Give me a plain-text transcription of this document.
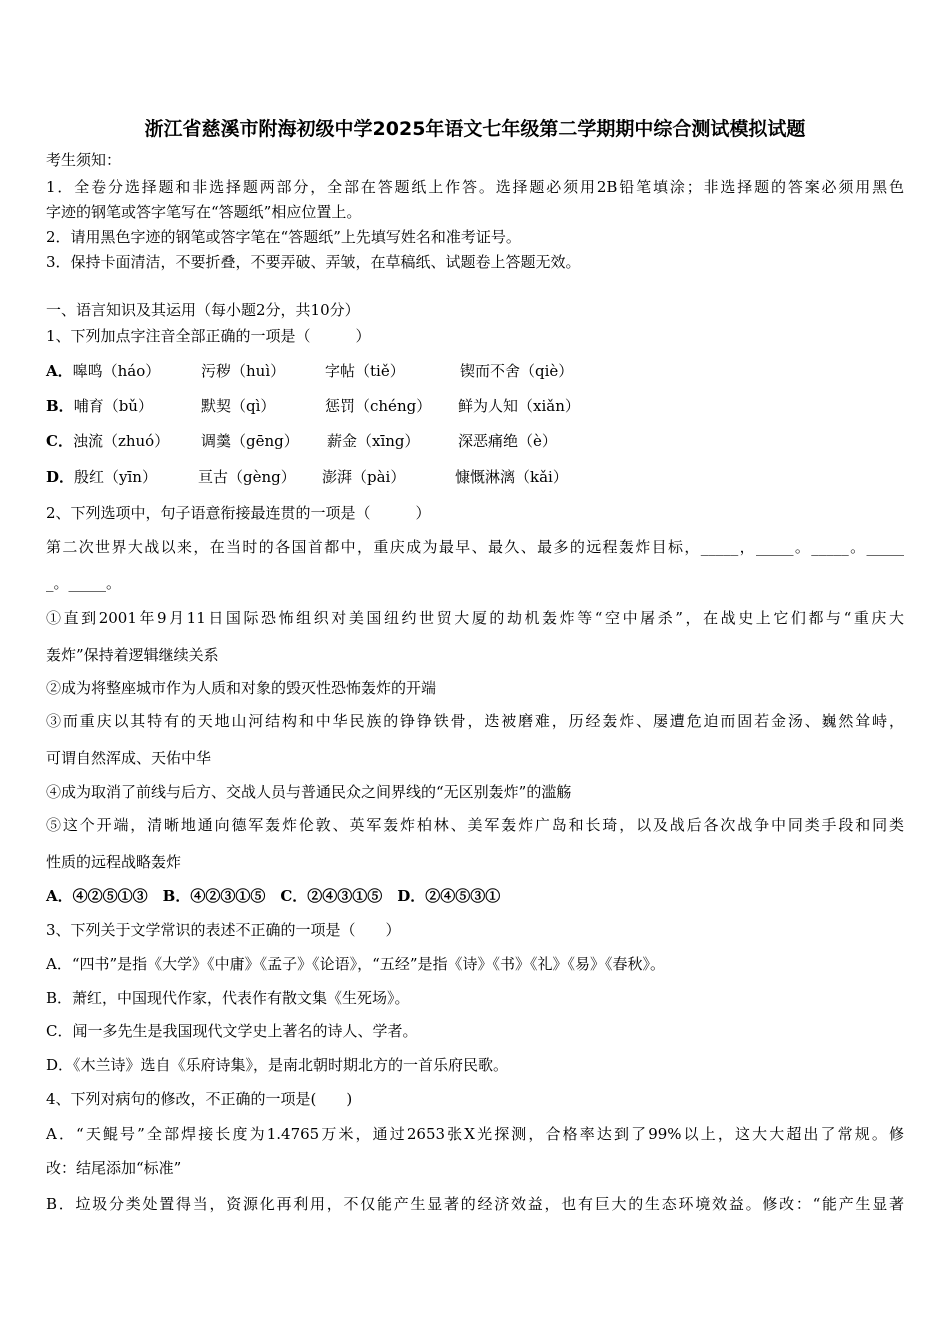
浙江省慈溪市附海初级中学2025年语文七年级第二学期期中综合测试模拟试题
考生须知：
1．全卷分选择题和非选择题两部分，全部在答题纸上作答。选择题必须用2B铅笔填涂；非选择题的答案必须用黑色
字迹的钢笔或答字笔写在“答题纸”相应位置上。
2．请用黑色字迹的钢笔或答字笔在“答题纸”上先填写姓名和准考证号。
3．保持卡面清洁，不要折叠，不要弄破、弄皱，在草稿纸、试题卷上答题无效。
一、语言知识及其运用（每小题2分，共10分）
1、下列加点字注音全部正确的一项是（　　　）
A．嗥鸣（háo）	污秽（huì）	字帖（tiě）	锲而不舍（qiè）
B．哺育（bǔ）	默契（qì）	惩罚（chéng） 鲜为人知（xiǎn）
C．浊流（zhuó） 调羹（gēng） 薪金（xīng）	深恶痛绝（è）
D．殷红（yīn）	亘古（gèng） 澎湃（pài）	慷慨淋漓（kǎi）
2、下列选项中，句子语意衔接最连贯的一项是（　　　）
第二次世界大战以来，在当时的各国首都中，重庆成为最早、最久、最多的远程轰炸目标，_____，_____。_____。_____
_。_____。
①直到2001年9月11日国际恐怖组织对美国纽约世贸大厦的劫机轰炸等“空中屠杀”，在战史上它们都与“重庆大
轰炸”保持着逻辑继续关系
②成为将整座城市作为人质和对象的毁灭性恐怖轰炸的开端
③而重庆以其特有的天地山河结构和中华民族的铮铮铁骨，迭被磨难，历经轰炸、屡遭危迫而固若金汤、巍然耸峙，
可谓自然浑成、天佑中华
④成为取消了前线与后方、交战人员与普通民众之间界线的“无区别轰炸”的滥觞
⑤这个开端，清晰地通向德军轰炸伦敦、英军轰炸柏林、美军轰炸广岛和长琦，以及战后各次战争中同类手段和同类
性质的远程战略轰炸
A．④②⑤①③　B．④②③①⑤　C．②④③①⑤　D．②④⑤③①
3、下列关于文学常识的表述不正确的一项是（　　）
A．“四书”是指《大学》《中庸》《孟子》《论语》，“五经”是指《诗》《书》《礼》《易》《春秋》。
B．萧红，中国现代作家，代表作有散文集《生死场》。
C．闻一多先生是我国现代文学史上著名的诗人、学者。
D．《木兰诗》选自《乐府诗集》，是南北朝时期北方的一首乐府民歌。
4、下列对病句的修改，不正确的一项是(　　)
A．“天鲲号”全部焊接长度为1.4765万米，通过2653张X光探测，合格率达到了99%以上，这大大超出了常规。修
改：结尾添加“标准”
B．垃圾分类处置得当，资源化再利用，不仅能产生显著的经济效益，也有巨大的生态环境效益。修改：“能产生显著
